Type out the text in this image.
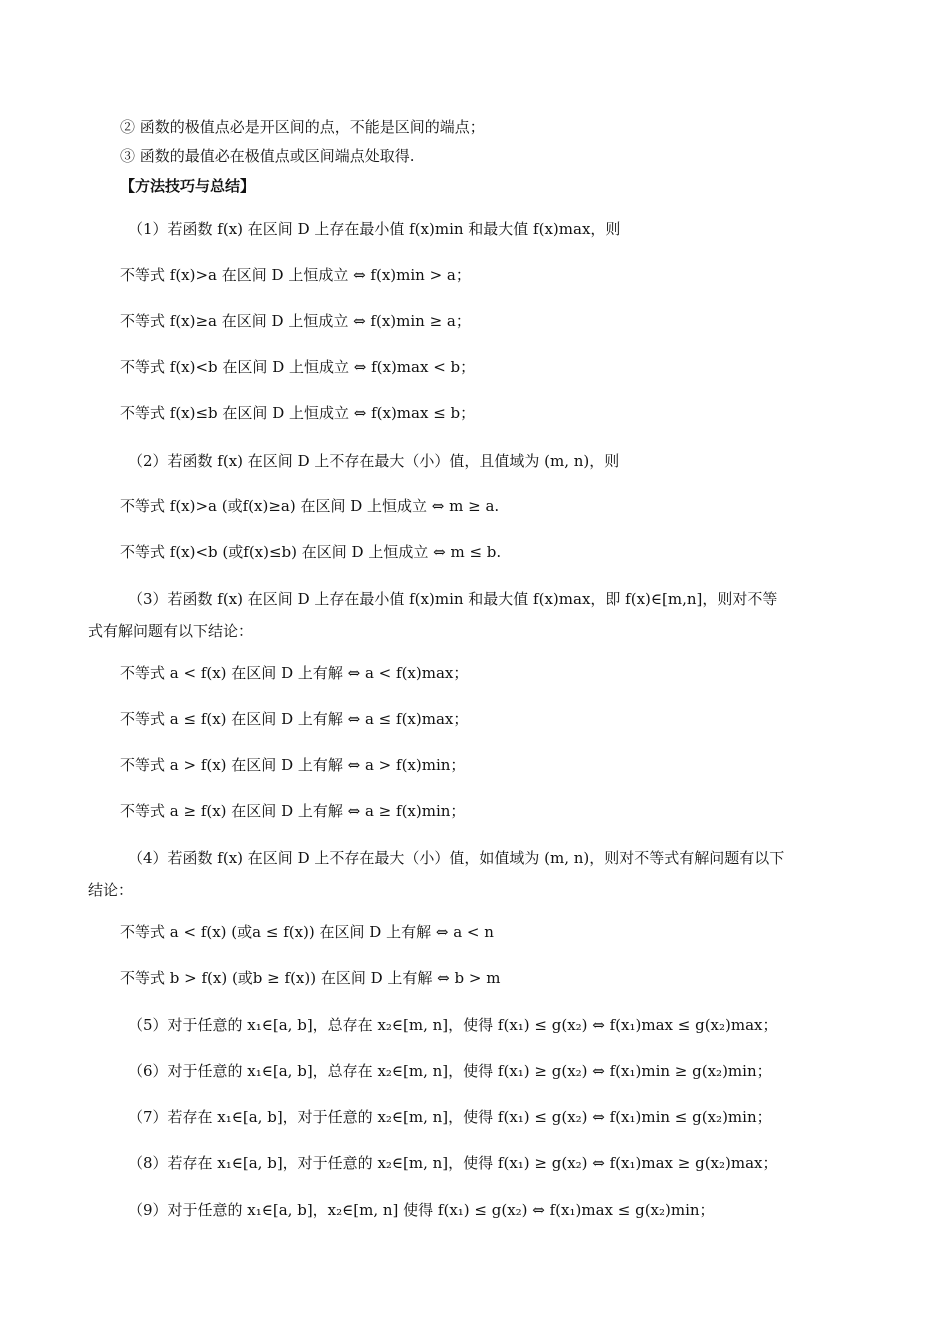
② 函数的极值点必是开区间的点，不能是区间的端点；
③ 函数的最值必在极值点或区间端点处取得.
【方法技巧与总结】
（1）若函数 f(x) 在区间 D 上存在最小值 f(x)min 和最大值 f(x)max，则
不等式 f(x)>a 在区间 D 上恒成立 ⇔ f(x)min > a；
不等式 f(x)≥a 在区间 D 上恒成立 ⇔ f(x)min ≥ a；
不等式 f(x)<b 在区间 D 上恒成立 ⇔ f(x)max < b；
不等式 f(x)≤b 在区间 D 上恒成立 ⇔ f(x)max ≤ b；
（2）若函数 f(x) 在区间 D 上不存在最大（小）值，且值域为 (m, n)，则
不等式 f(x)>a (或f(x)≥a) 在区间 D 上恒成立 ⇔ m ≥ a.
不等式 f(x)<b (或f(x)≤b) 在区间 D 上恒成立 ⇔ m ≤ b.
（3）若函数 f(x) 在区间 D 上存在最小值 f(x)min 和最大值 f(x)max，即 f(x)∈[m,n]，则对不等
式有解问题有以下结论：
不等式 a < f(x) 在区间 D 上有解 ⇔ a < f(x)max；
不等式 a ≤ f(x) 在区间 D 上有解 ⇔ a ≤ f(x)max；
不等式 a > f(x) 在区间 D 上有解 ⇔ a > f(x)min；
不等式 a ≥ f(x) 在区间 D 上有解 ⇔ a ≥ f(x)min；
（4）若函数 f(x) 在区间 D 上不存在最大（小）值，如值域为 (m, n)，则对不等式有解问题有以下
结论：
不等式 a < f(x) (或a ≤ f(x)) 在区间 D 上有解 ⇔ a < n
不等式 b > f(x) (或b ≥ f(x)) 在区间 D 上有解 ⇔ b > m
（5）对于任意的 x₁∈[a, b]，总存在 x₂∈[m, n]，使得 f(x₁) ≤ g(x₂) ⇔ f(x₁)max ≤ g(x₂)max；
（6）对于任意的 x₁∈[a, b]，总存在 x₂∈[m, n]，使得 f(x₁) ≥ g(x₂) ⇔ f(x₁)min ≥ g(x₂)min；
（7）若存在 x₁∈[a, b]，对于任意的 x₂∈[m, n]，使得 f(x₁) ≤ g(x₂) ⇔ f(x₁)min ≤ g(x₂)min；
（8）若存在 x₁∈[a, b]，对于任意的 x₂∈[m, n]，使得 f(x₁) ≥ g(x₂) ⇔ f(x₁)max ≥ g(x₂)max；
（9）对于任意的 x₁∈[a, b]，x₂∈[m, n] 使得 f(x₁) ≤ g(x₂) ⇔ f(x₁)max ≤ g(x₂)min；
